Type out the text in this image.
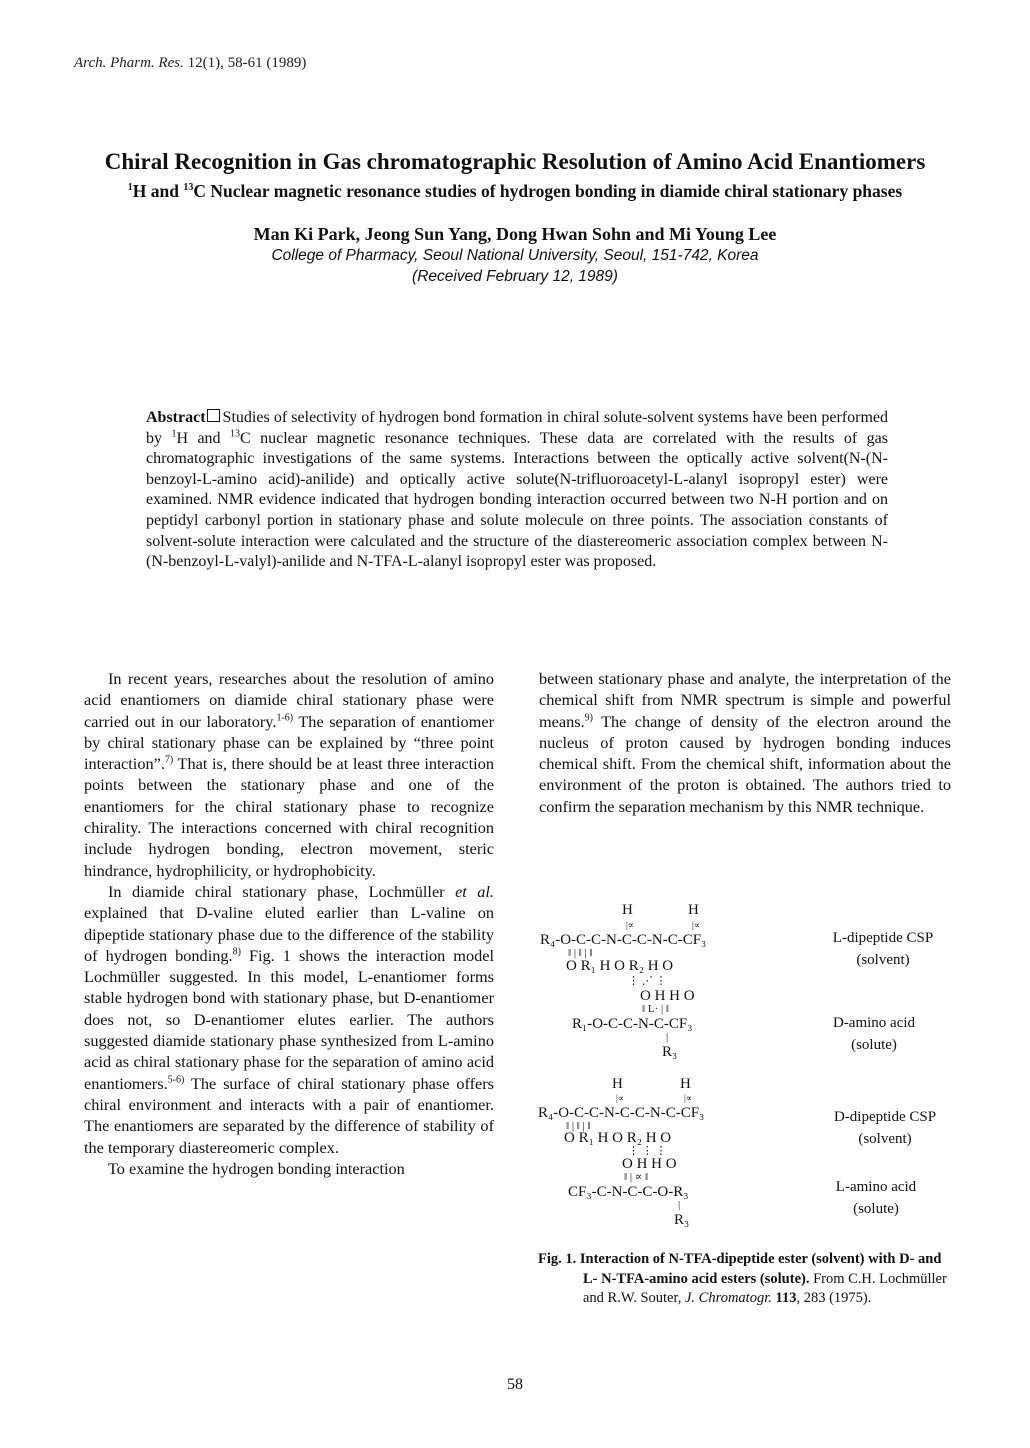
Arch. Pharm. Res. 12(1), 58-61 (1989)
Chiral Recognition in Gas chromatographic Resolution of Amino Acid Enantiomers

$^1$H and $^{13}$C Nuclear magnetic resonance studies of hydrogen bonding in diamide chiral stationary phases

Man Ki Park, Jeong Sun Yang, Dong Hwan Sohn and Mi Young Lee

College of Pharmacy, Seoul National University, Seoul, 151-742, Korea

(Received February 12, 1989)

Abstract Studies of selectivity of hydrogen bond formation in chiral solute-solvent systems have been performed by $^1$H and $^{13}$C nuclear magnetic resonance techniques. These data are correlated with the results of gas chromatographic investigations of the same systems. Interactions between the optically active solvent(N-(N-benzoyl-L-amino acid)-anilide) and optically active solute(N-trifluoroacetyl-L-alanyl isopropyl ester) were examined. NMR evidence indicated that hydrogen bonding interaction occurred between two N-H portion and on peptidyl carbonyl portion in stationary phase and solute molecule on three points. The association constants of solvent-solute interaction were calculated and the structure of the diastereomeric association complex between N-(N-benzoyl-L-valyl)-anilide and N-TFA-L-alanyl isopropyl ester was proposed.

In recent years, researches about the resolution of amino acid enantiomers on diamide chiral stationary phase were carried out in our laboratory.$^{1-6)}$ The separation of enantiomer by chiral stationary phase can be explained by “three point interaction”.$^{7)}$ That is, there should be at least three interaction points between the stationary phase and one of the enantiomers for the chiral stationary phase to recognize chirality. The interactions concerned with chiral recognition include hydrogen bonding, electron movement, steric hindrance, hydrophilicity, or hydrophobicity.

In diamide chiral stationary phase, Lochmüller et al. explained that D-valine eluted earlier than L-valine on dipeptide stationary phase due to the difference of the stability of hydrogen bonding.$^{8)}$ Fig. 1 shows the interaction model Lochmüller suggested. In this model, L-enantiomer forms stable hydrogen bond with stationary phase, but D-enantiomer does not, so D-enantiomer elutes earlier. The authors suggested diamide stationary phase synthesized from L-amino acid as chiral stationary phase for the separation of amino acid enantiomers.$^{5-6)}$ The surface of chiral stationary phase offers chiral environment and interacts with a pair of enantiomer. The enantiomers are separated by the difference of stability of the temporary diastereomeric complex.

To examine the hydrogen bonding interaction

between stationary phase and analyte, the interpretation of the chemical shift from NMR spectrum is simple and powerful means.$^{9)}$ The change of density of the electron around the nucleus of proton caused by hydrogen bonding induces chemical shift. From the chemical shift, information about the environment of the proton is obtained. The authors tried to confirm the separation mechanism by this NMR technique.

H	H
|∝	|∝
R₄-O-C-C-N-C-C-N-C-CF₃
‖ | ‖ | ‖
O R₁ H O R₂ H O
⋮ ⋰ ⋮
O H H O
‖ L· | ‖
R₁-O-C-C-N-C-CF₃
|
R₃
H	H
|∝	|∝
R₄-O-C-C-N-C-C-N-C-CF₃
‖ | ‖ | ‖
O R₁ H O R₂ H O
⋮ ⋮ ⋮
O H H O
‖ | ∝ ‖
CF₃-C-N-C-C-O-R₃
|
R₃
L-dipeptide CSP
(solvent)
D-amino acid
(solute)
D-dipeptide CSP
(solvent)
L-amino acid
(solute)
Fig. 1. Interaction of N-TFA-dipeptide ester (solvent) with D- and L- N-TFA-amino acid esters (solute). From C.H. Lochmüller and R.W. Souter, J. Chromatogr. 113, 283 (1975).
58
